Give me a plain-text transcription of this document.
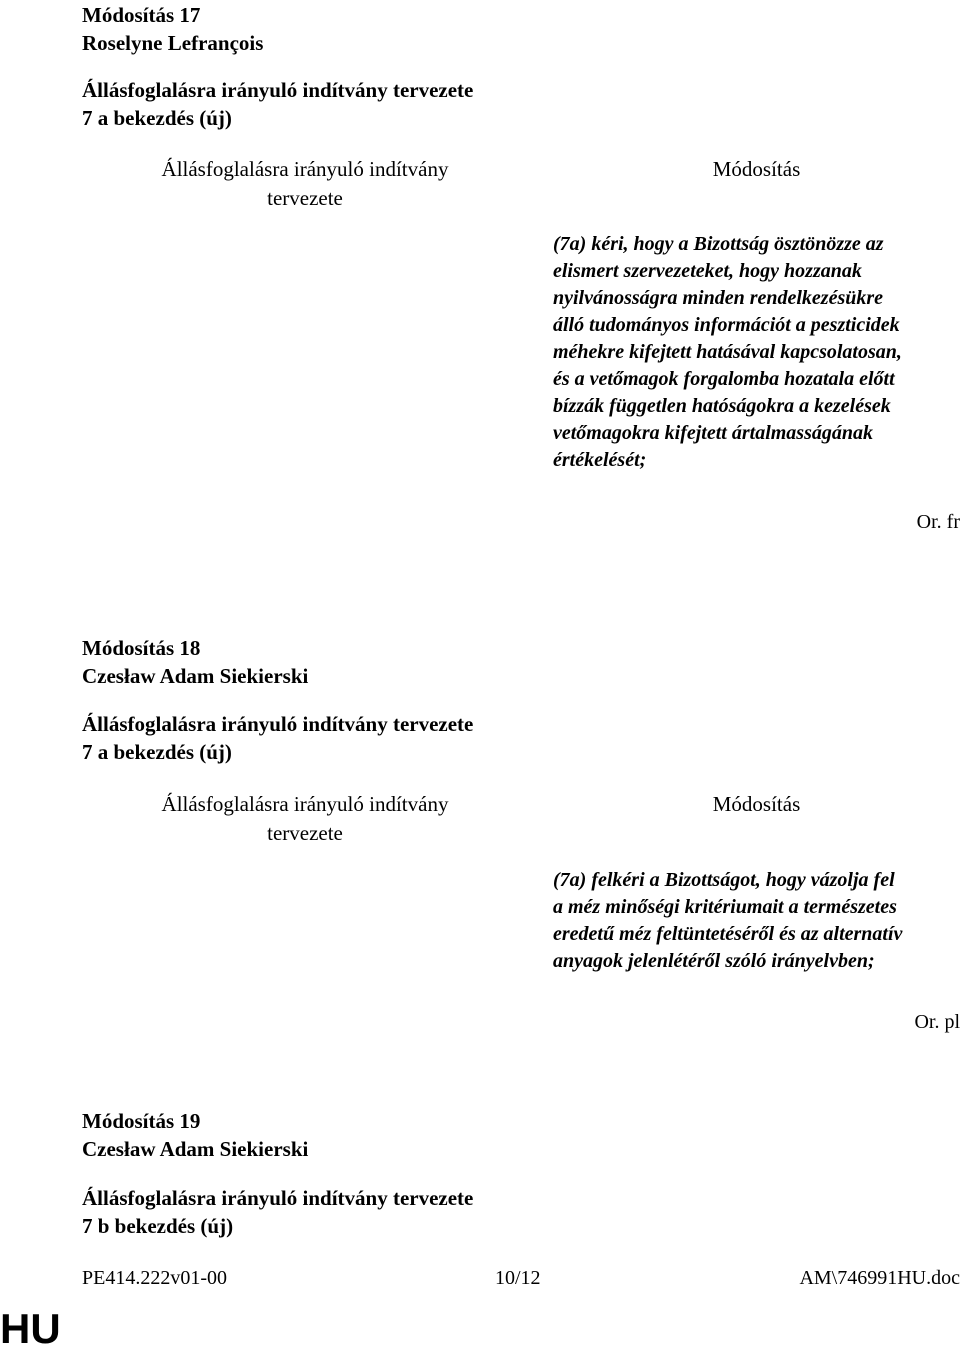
Módosítás 17
Roselyne Lefrançois
Állásfoglalásra irányuló indítvány tervezete
7 a bekezdés (új)
Állásfoglalásra irányuló indítvány
tervezete
Módosítás
(7a) kéri, hogy a Bizottság ösztönözze az
elismert szervezeteket, hogy hozzanak
nyilvánosságra minden rendelkezésükre
álló tudományos információt a peszticidek
méhekre kifejtett hatásával kapcsolatosan,
és a vetőmagok forgalomba hozatala előtt
bízzák független hatóságokra a kezelések
vetőmagokra kifejtett ártalmasságának
értékelését;
Or. fr
Módosítás 18
Czesław Adam Siekierski
Állásfoglalásra irányuló indítvány tervezete
7 a bekezdés (új)
Állásfoglalásra irányuló indítvány
tervezete
Módosítás
(7a) felkéri a Bizottságot, hogy vázolja fel
a méz minőségi kritériumait a természetes
eredetű méz feltüntetéséről és az alternatív
anyagok jelenlétéről szóló irányelvben;
Or. pl
Módosítás 19
Czesław Adam Siekierski
Állásfoglalásra irányuló indítvány tervezete
7 b bekezdés (új)
PE414.222v01-00	10/12	AM\746991HU.doc
HU
